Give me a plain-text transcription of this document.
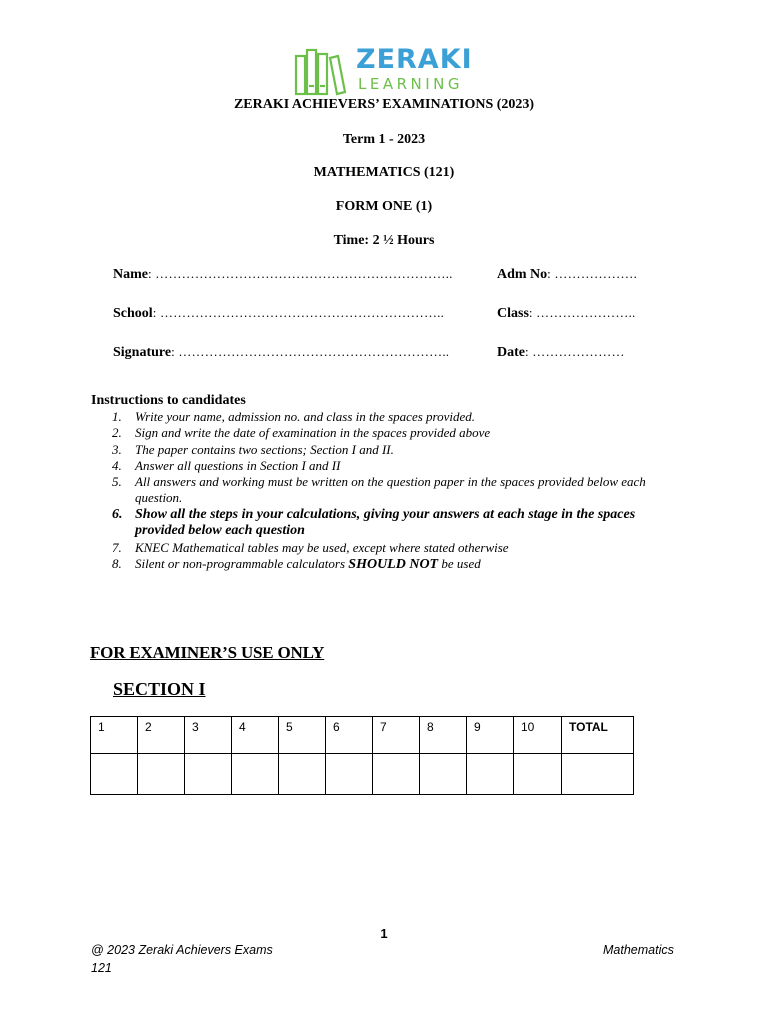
ZERAKI
LEARNING
ZERAKI ACHIEVERS’ EXAMINATIONS (2023)
Term 1 - 2023
MATHEMATICS (121)
FORM ONE (1)
Time: 2 ½ Hours
Name: …………………………………………………………..	Adm No: ……………….
School: ………………………………………………………..	Class: …………………..
Signature: ……………………………………………………..	Date: …………………
Instructions to candidates
1. Write your name, admission no. and class in the spaces provided.
2. Sign and write the date of examination in the spaces provided above
3. The paper contains two sections; Section I and II.
4. Answer all questions in Section I and II
5. All answers and working must be written on the question paper in the spaces provided below each question.
6. Show all the steps in your calculations, giving your answers at each stage in the spaces provided below each question
7. KNEC Mathematical tables may be used, except where stated otherwise
8. Silent or non-programmable calculators SHOULD NOT be used
FOR EXAMINER’S USE ONLY
SECTION I
1	2	3	4	5	6	7	8	9	10	TOTAL

1
@ 2023 Zeraki Achievers Exams
121
Mathematics
